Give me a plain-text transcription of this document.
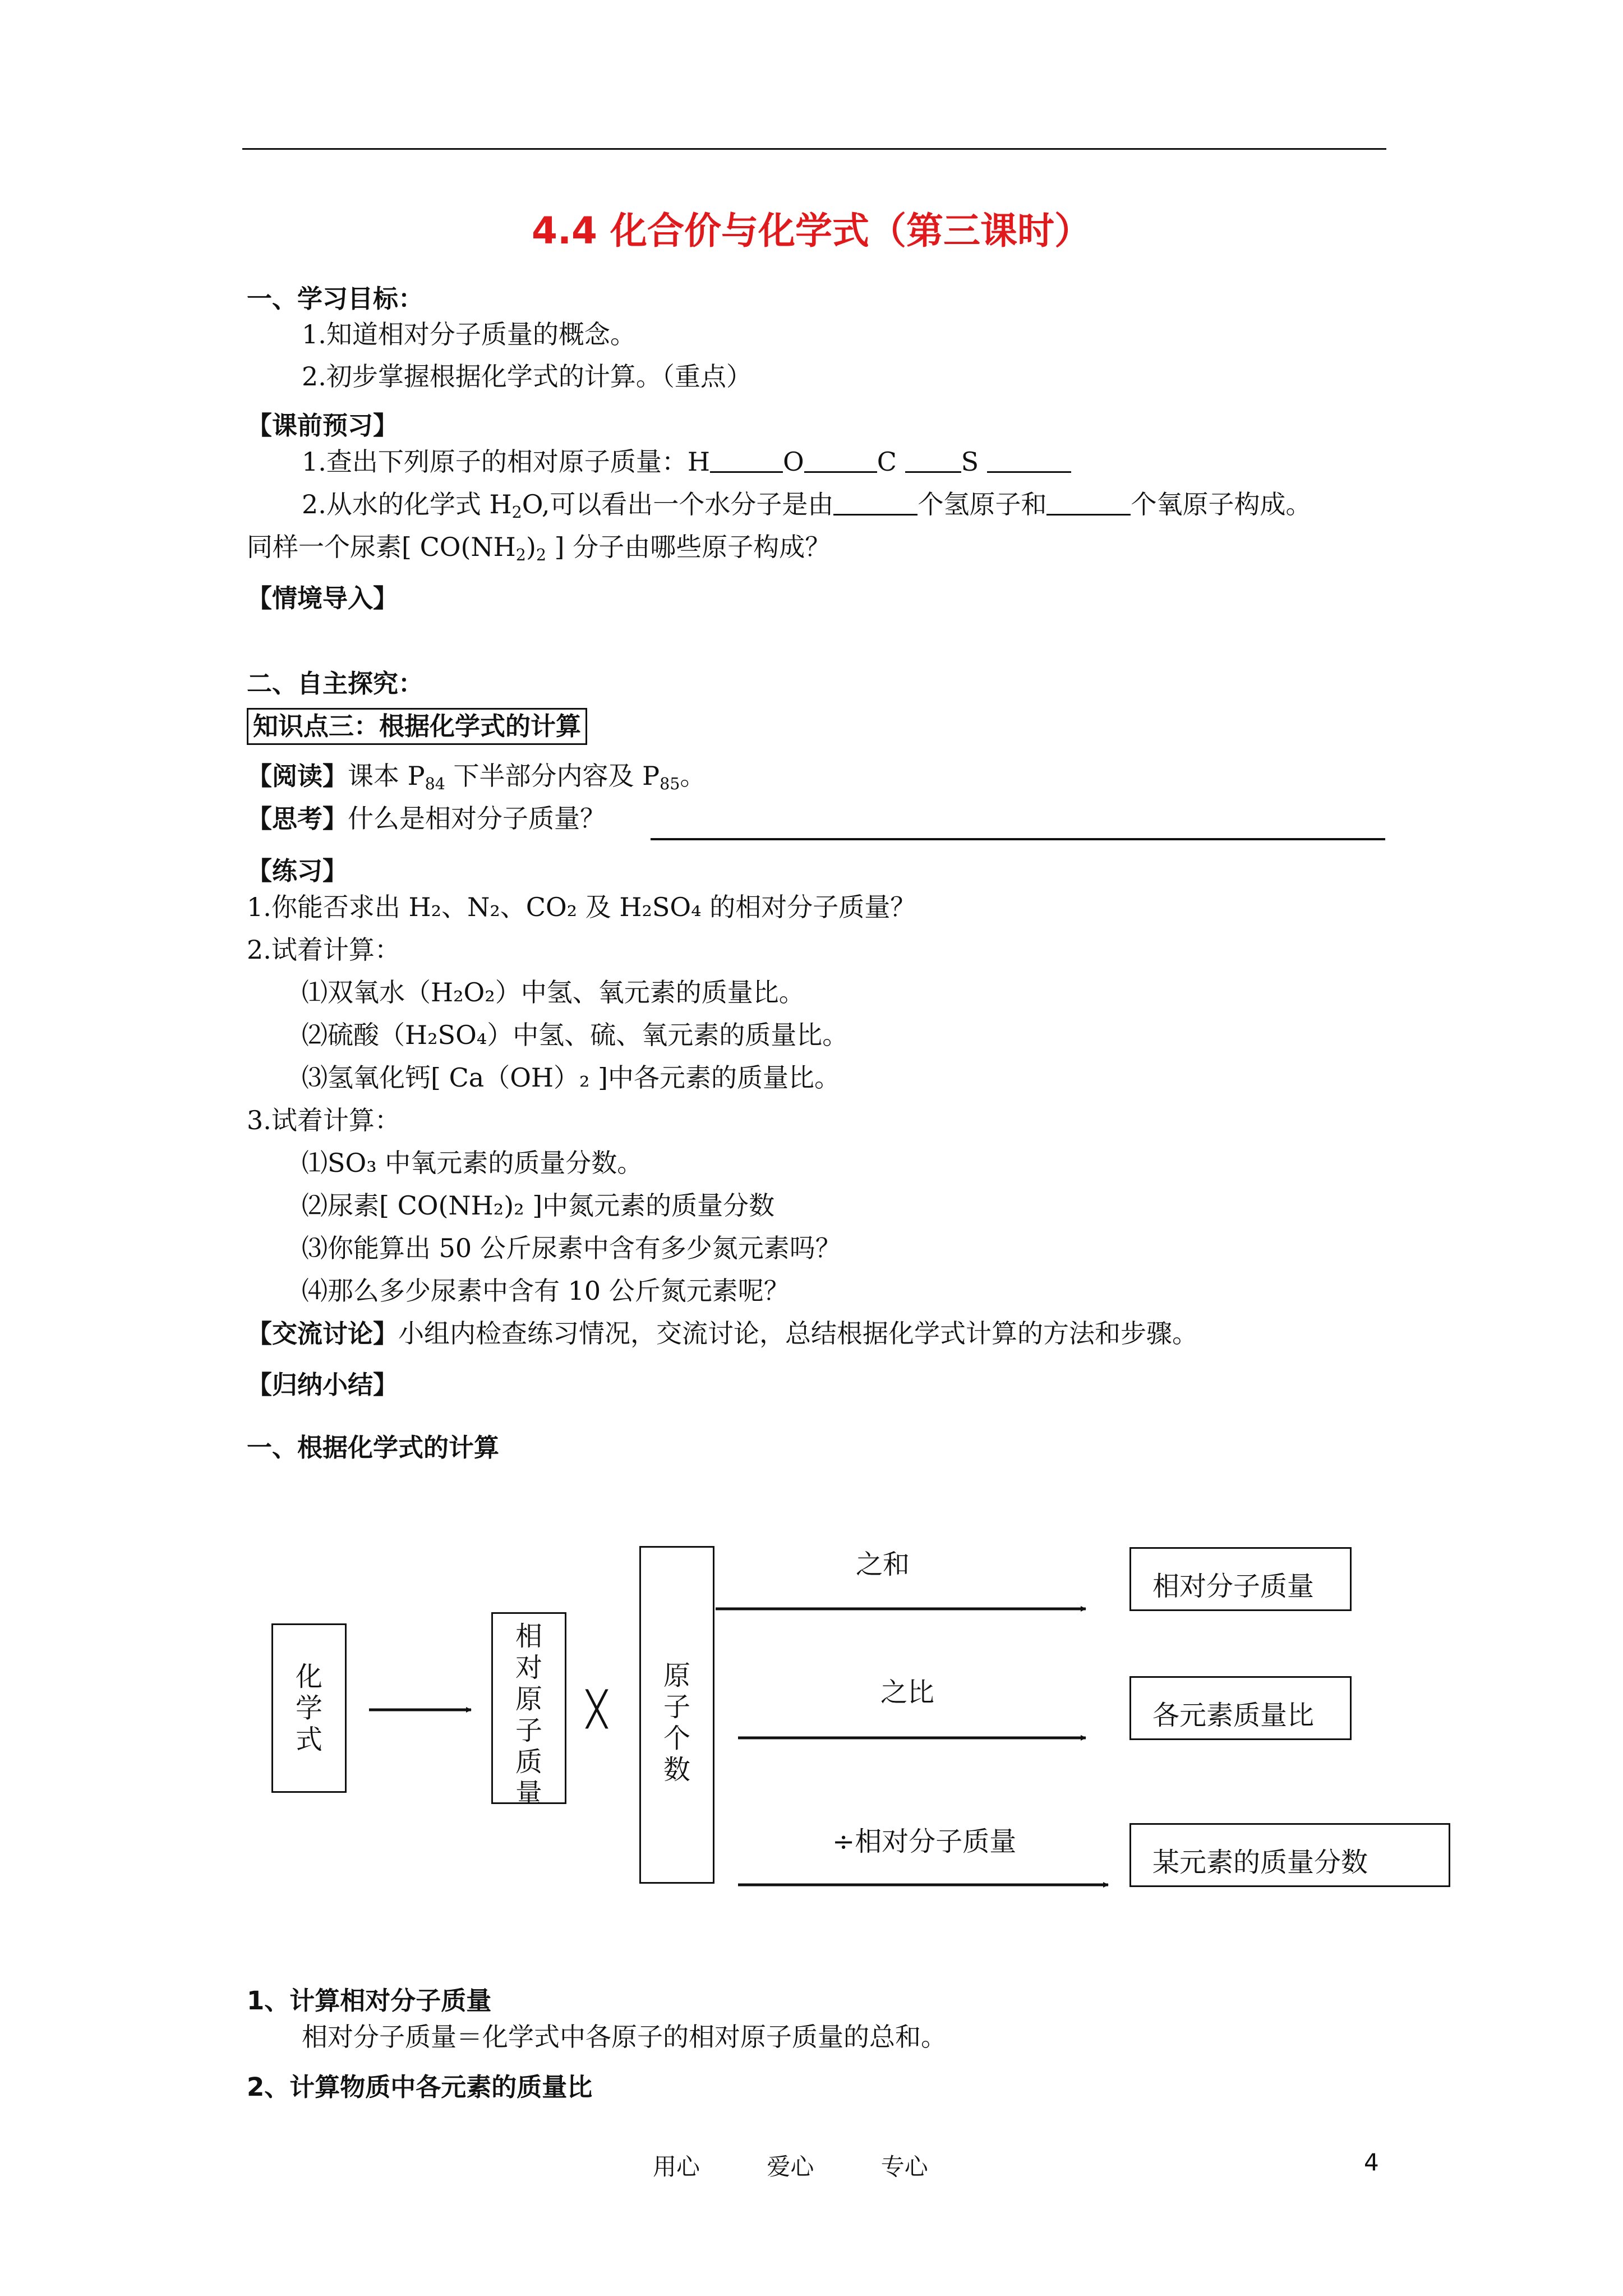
4.4 化合价与化学式（第三课时）
一、学习目标：
1.知道相对分子质量的概念。
2.初步掌握根据化学式的计算。（重点）
【课前预习】
1.查出下列原子的相对原子质量：H	O	C S
2.从水的化学式 $H_2O$,可以看出一个水分子是由	个氢原子和	个氧原子构成。
同样一个尿素[ $CO(NH_2)_2$ ] 分子由哪些原子构成？
【情境导入】
二、自主探究：
知识点三：根据化学式的计算
【阅读】课本 $P_{84}$ 下半部分内容及 $P_{85}$。
【思考】什么是相对分子质量？
【练习】
1.你能否求出 H₂、N₂、CO₂ 及 H₂SO₄ 的相对分子质量？
2.试着计算：
⑴双氧水（H₂O₂）中氢、氧元素的质量比。
⑵硫酸（H₂SO₄）中氢、硫、氧元素的质量比。
⑶氢氧化钙[ Ca（OH）₂ ]中各元素的质量比。
3.试着计算：
⑴SO₃ 中氧元素的质量分数。
⑵尿素[ CO(NH₂)₂ ]中氮元素的质量分数
⑶你能算出 50 公斤尿素中含有多少氮元素吗？
⑷那么多少尿素中含有 10 公斤氮元素呢？
【交流讨论】小组内检查练习情况，交流讨论，总结根据化学式计算的方法和步骤。
【归纳小结】
一、根据化学式的计算
化学式
相对原子质量
╳
原子个数
之和
之比
÷相对分子质量
相对分子质量
各元素质量比
某元素的质量分数
1、计算相对分子质量
相对分子质量＝化学式中各原子的相对原子质量的总和。
2、计算物质中各元素的质量比
用心	爱心	专心	4
